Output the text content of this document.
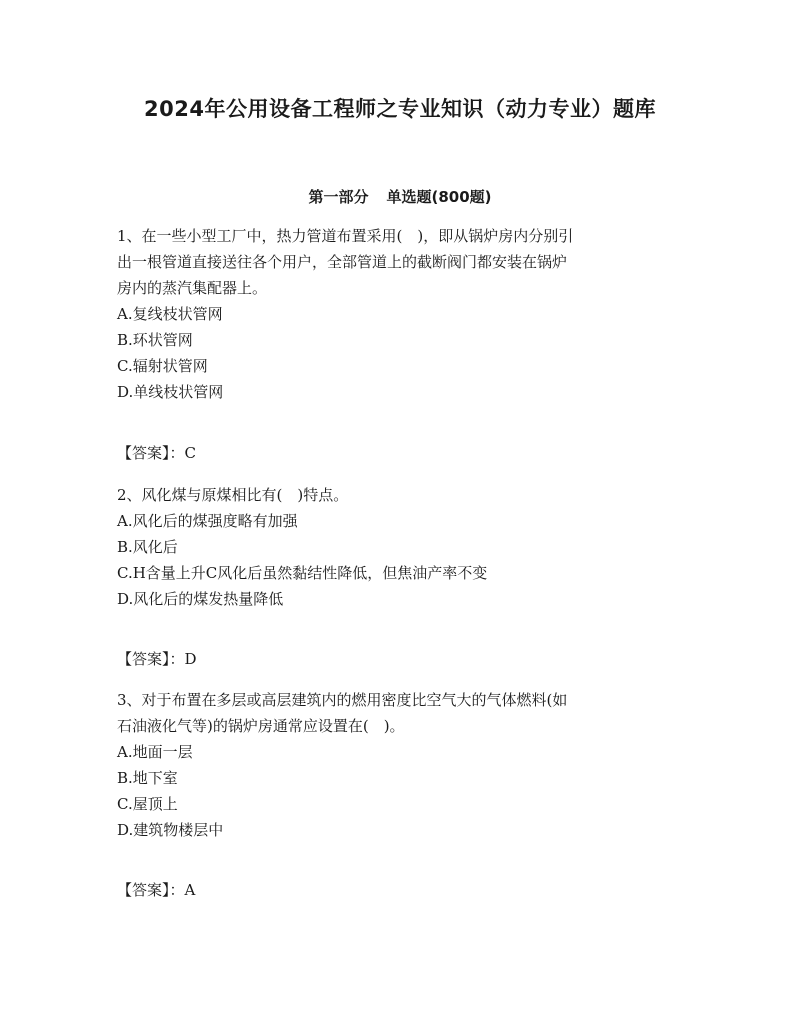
2024年公用设备工程师之专业知识（动力专业）题库
第一部分 单选题(800题)

1、在一些小型工厂中，热力管道布置采用(　)，即从锅炉房内分别引

出一根管道直接送往各个用户，全部管道上的截断阀门都安装在锅炉

房内的蒸汽集配器上。

A.复线枝状管网

B.环状管网

C.辐射状管网

D.单线枝状管网

【答案】：C

2、风化煤与原煤相比有(　)特点。

A.风化后的煤强度略有加强

B.风化后

C.H含量上升C风化后虽然黏结性降低，但焦油产率不变

D.风化后的煤发热量降低

【答案】：D

3、对于布置在多层或高层建筑内的燃用密度比空气大的气体燃料(如

石油液化气等)的锅炉房通常应设置在(　)。

A.地面一层

B.地下室

C.屋顶上

D.建筑物楼层中

【答案】：A
